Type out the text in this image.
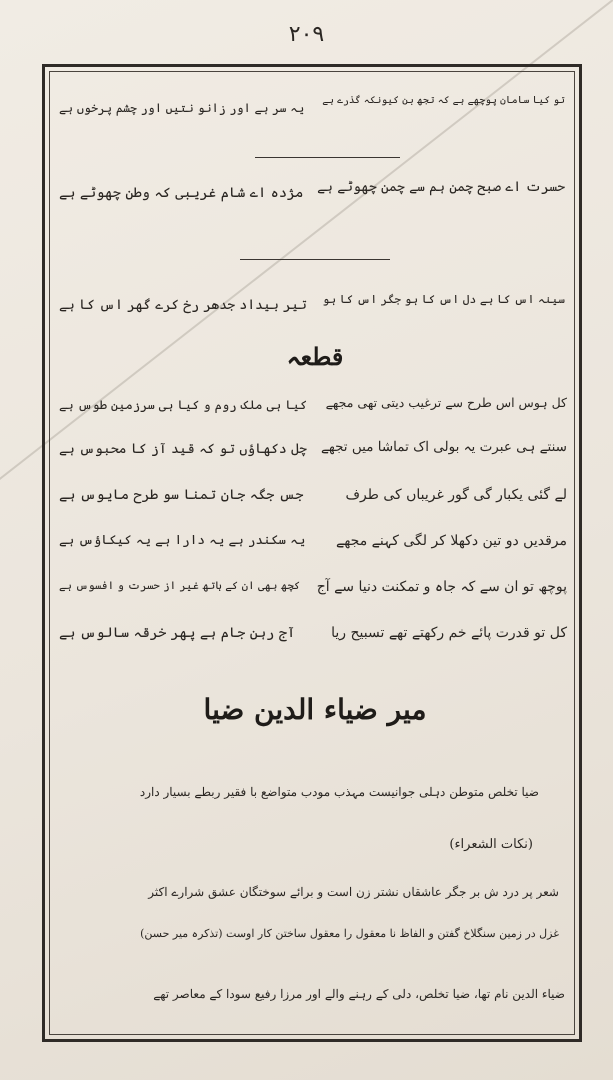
۲۰۹
تو کیا سامان پوچھے ہے کہ تجھ بن کیونکہ گذرے ہے
یہ سر ہے اور زانو نتیں اور چشم پرخوں ہے
حسرت اے صبح چمن ہم سے چمن چھوٹے ہے
مژدہ اے شام غریبی کہ وطن چھوٹے ہے
سینہ اس کا ہے دل اس کا ہو جگر اس کا ہو
تیر بیداد جدھر رخ کرے گھر اس کا ہے
قطعہ
کل ہوس اس طرح سے ترغیب دیتی تھی مجھے
کیا ہی ملک روم و کیا ہی سرزمین طوس ہے
سنتے ہی عبرت یہ بولی اک تماشا میں تجھے
چل دکھاؤں تو کہ قید آز کا محبوس ہے
لے گئی یکبار گی گور غریباں کی طرف
جس جگہ جان تمنا سو طرح مایوس ہے
مرقدیں دو تین دکھلا کر لگی کہنے مجھے
یہ سکندر ہے یہ دارا ہے یہ کیکاؤس ہے
پوچھ تو ان سے کہ جاہ و تمکنت دنیا سے آج
کچھ بھی ان کے ہاتھ غیر از حسرت و افسوس ہے
کل تو قدرت پائے خم رکھتے تھے تسبیح ریا
آج رہن جام ہے پھر خرقہ سالوس ہے
میر ضیاء الدین ضیا
ضیا تخلص متوطن دہلی جوانیست مہذب مودب متواضع با فقیر ربطے بسیار دارد
(نکات الشعراء)
شعر پر درد ش بر جگر عاشقاں نشتر زن است و برائے سوختگان عشق شرارے اکثر
غزل در زمین سنگلاخ گفتن و الفاظ نا معقول را معقول ساختن کار اوست (تذکرہ میر حسن)
ضیاء الدین نام تھا، ضیا تخلص، دلی کے رہنے والے اور مرزا رفیع سودا کے معاصر تھے
